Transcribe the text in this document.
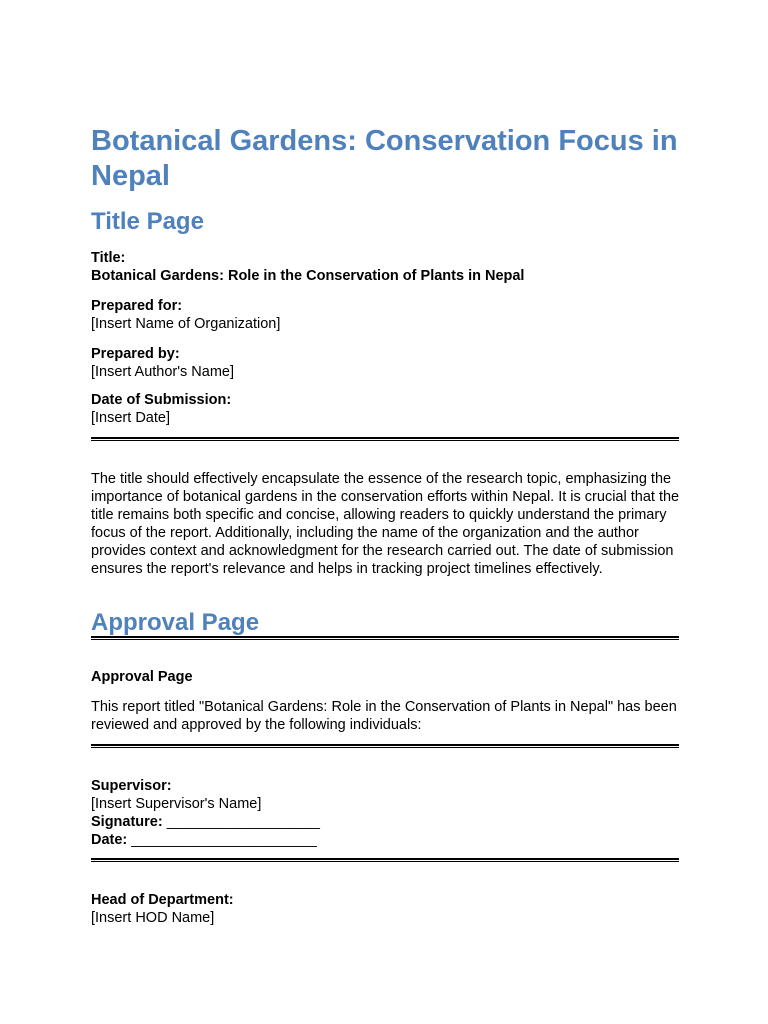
Botanical Gardens: Conservation Focus in Nepal
Title Page
Title:
Botanical Gardens: Role in the Conservation of Plants in Nepal
Prepared for:
[Insert Name of Organization]
Prepared by:
[Insert Author's Name]
Date of Submission:
[Insert Date]

The title should effectively encapsulate the essence of the research topic, emphasizing the importance of botanical gardens in the conservation efforts within Nepal. It is crucial that the title remains both specific and concise, allowing readers to quickly understand the primary focus of the report. Additionally, including the name of the organization and the author provides context and acknowledgment for the research carried out. The date of submission ensures the report's relevance and helps in tracking project timelines effectively.

Approval Page
Approval Page

This report titled "Botanical Gardens: Role in the Conservation of Plants in Nepal" has been reviewed and approved by the following individuals:

Supervisor:
[Insert Supervisor's Name]
Signature: ___________________
Date: _______________________
Head of Department:
[Insert HOD Name]
